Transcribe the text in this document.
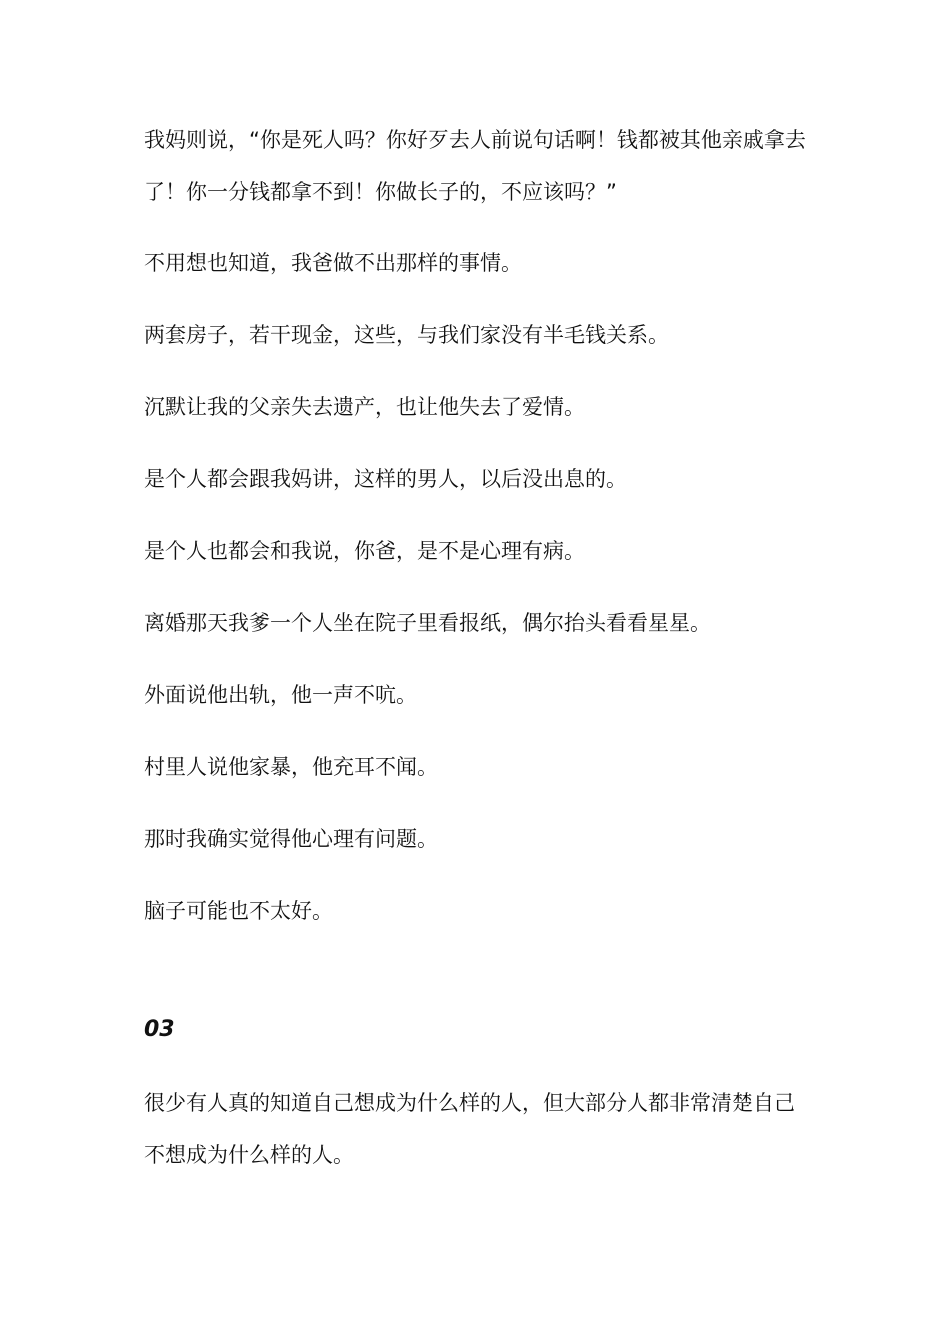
我妈则说，“你是死人吗？你好歹去人前说句话啊！钱都被其他亲戚拿去了！你一分钱都拿不到！你做长子的，不应该吗？”

不用想也知道，我爸做不出那样的事情。

两套房子，若干现金，这些，与我们家没有半毛钱关系。

沉默让我的父亲失去遗产，也让他失去了爱情。

是个人都会跟我妈讲，这样的男人，以后没出息的。

是个人也都会和我说，你爸，是不是心理有病。

离婚那天我爹一个人坐在院子里看报纸，偶尔抬头看看星星。

外面说他出轨，他一声不吭。

村里人说他家暴，他充耳不闻。

那时我确实觉得他心理有问题。

脑子可能也不太好。

03

很少有人真的知道自己想成为什么样的人，但大部分人都非常清楚自己不想成为什么样的人。
